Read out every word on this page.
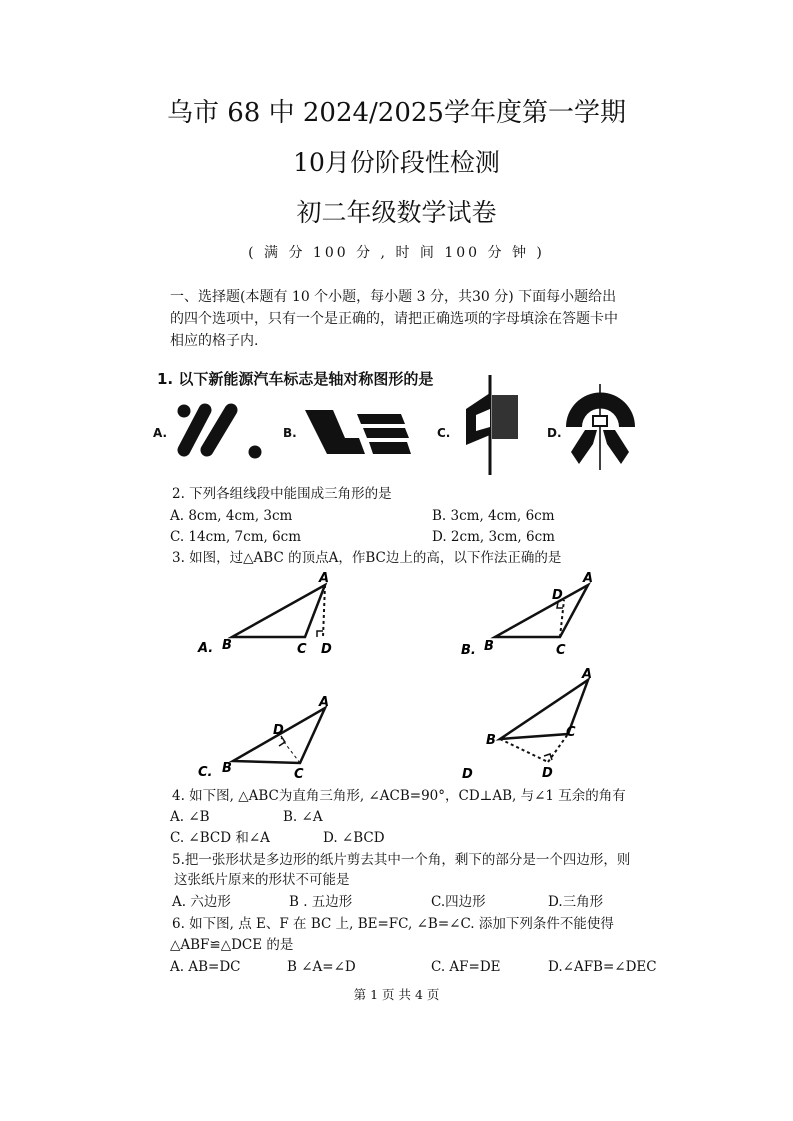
乌市 68 中 2024/2025学年度第一学期
10月份阶段性检测
初二年级数学试卷
( 满 分 100 分 , 时 间 100 分 钟 )
一、选择题(本题有 10 个小题，每小题 3 分，共30 分) 下面每小题给出的四个选项中，只有一个是正确的，请把正确选项的字母填涂在答题卡中相应的格子内.
1. 以下新能源汽车标志是轴对称图形的是
A.	B.	C.	D.
2. 下列各组线段中能围成三角形的是
A. 8cm, 4cm, 3cm	B. 3cm, 4cm, 6cm
C. 14cm, 7cm, 6cm	D. 2cm, 3cm, 6cm
3. 如图，过△ABC 的顶点A，作BC边上的高，以下作法正确的是
A. B	C D
A
B. B	C
D
A
C. B	C
D
A
D
B
C
D
A
4. 如下图, △ABC为直角三角形, ∠ACB=90°，CD⊥AB, 与∠1 互余的角有
A. ∠B	B. ∠A
C. ∠BCD 和∠A	D. ∠BCD
5.把一张形状是多边形的纸片剪去其中一个角，剩下的部分是一个四边形，则
这张纸片原来的形状不可能是
A. 六边形	B . 五边形	C.四边形	D.三角形
6. 如下图, 点 E、F 在 BC 上, BE=FC, ∠B=∠C. 添加下列条件不能使得
△ABF≌△DCE 的是
A. AB=DC	B ∠A=∠D	C. AF=DE	D.∠AFB=∠DEC
第 1 页 共 4 页
